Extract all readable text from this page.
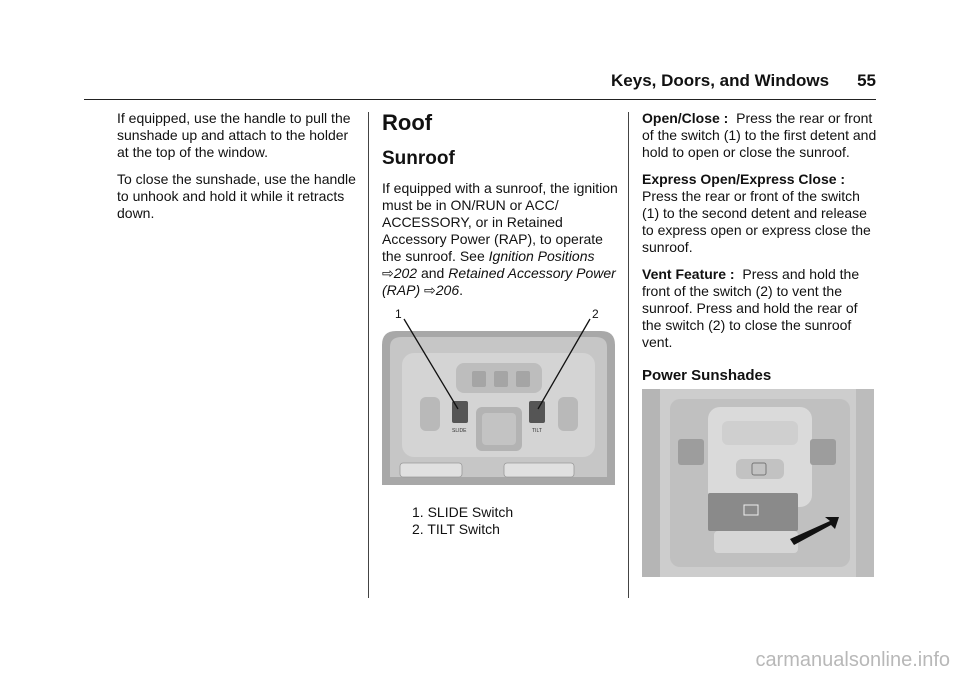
Keys, Doors, and Windows 55

If equipped, use the handle to pull the sunshade up and attach to the holder at the top of the window.

To close the sunshade, use the handle to unhook and hold it while it retracts down.

Roof
Sunroof

If equipped with a sunroof, the ignition must be in ON/RUN or ACC/ ACCESSORY, or in Retained Accessory Power (RAP), to operate the sunroof. See Ignition Positions ⇨202 and Retained Accessory Power (RAP) ⇨206.

SLIDE	TILT
1	2
1. SLIDE Switch
2. TILT Switch

Open/Close : Press the rear or front of the switch (1) to the first detent and hold to open or close the sunroof.

Express Open/Express Close :
Press the rear or front of the switch (1) to the second detent and release to express open or express close the sunroof.

Vent Feature : Press and hold the front of the switch (2) to vent the sunroof. Press and hold the rear of the switch (2) to close the sunroof vent.

Power Sunshades
carmanualsonline.info
